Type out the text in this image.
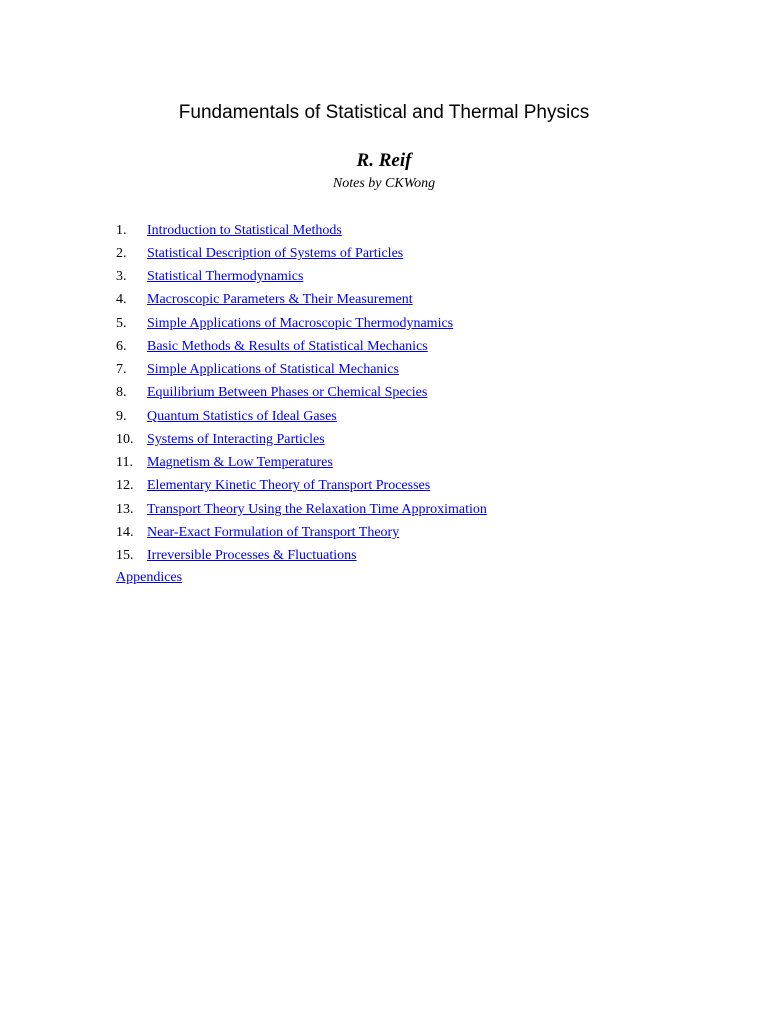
Fundamentals of Statistical and Thermal Physics
R. Reif
Notes by CKWong
1.	Introduction to Statistical Methods
2.	Statistical Description of Systems of Particles
3.	Statistical Thermodynamics
4.	Macroscopic Parameters & Their Measurement
5.	Simple Applications of Macroscopic Thermodynamics
6.	Basic Methods & Results of Statistical Mechanics
7.	Simple Applications of Statistical Mechanics
8.	Equilibrium Between Phases or Chemical Species
9.	Quantum Statistics of Ideal Gases
10. Systems of Interacting Particles
11.	Magnetism & Low Temperatures
12. Elementary Kinetic Theory of Transport Processes
13. Transport Theory Using the Relaxation Time Approximation
14. Near-Exact Formulation of Transport Theory
15. Irreversible Processes & Fluctuations
Appendices
